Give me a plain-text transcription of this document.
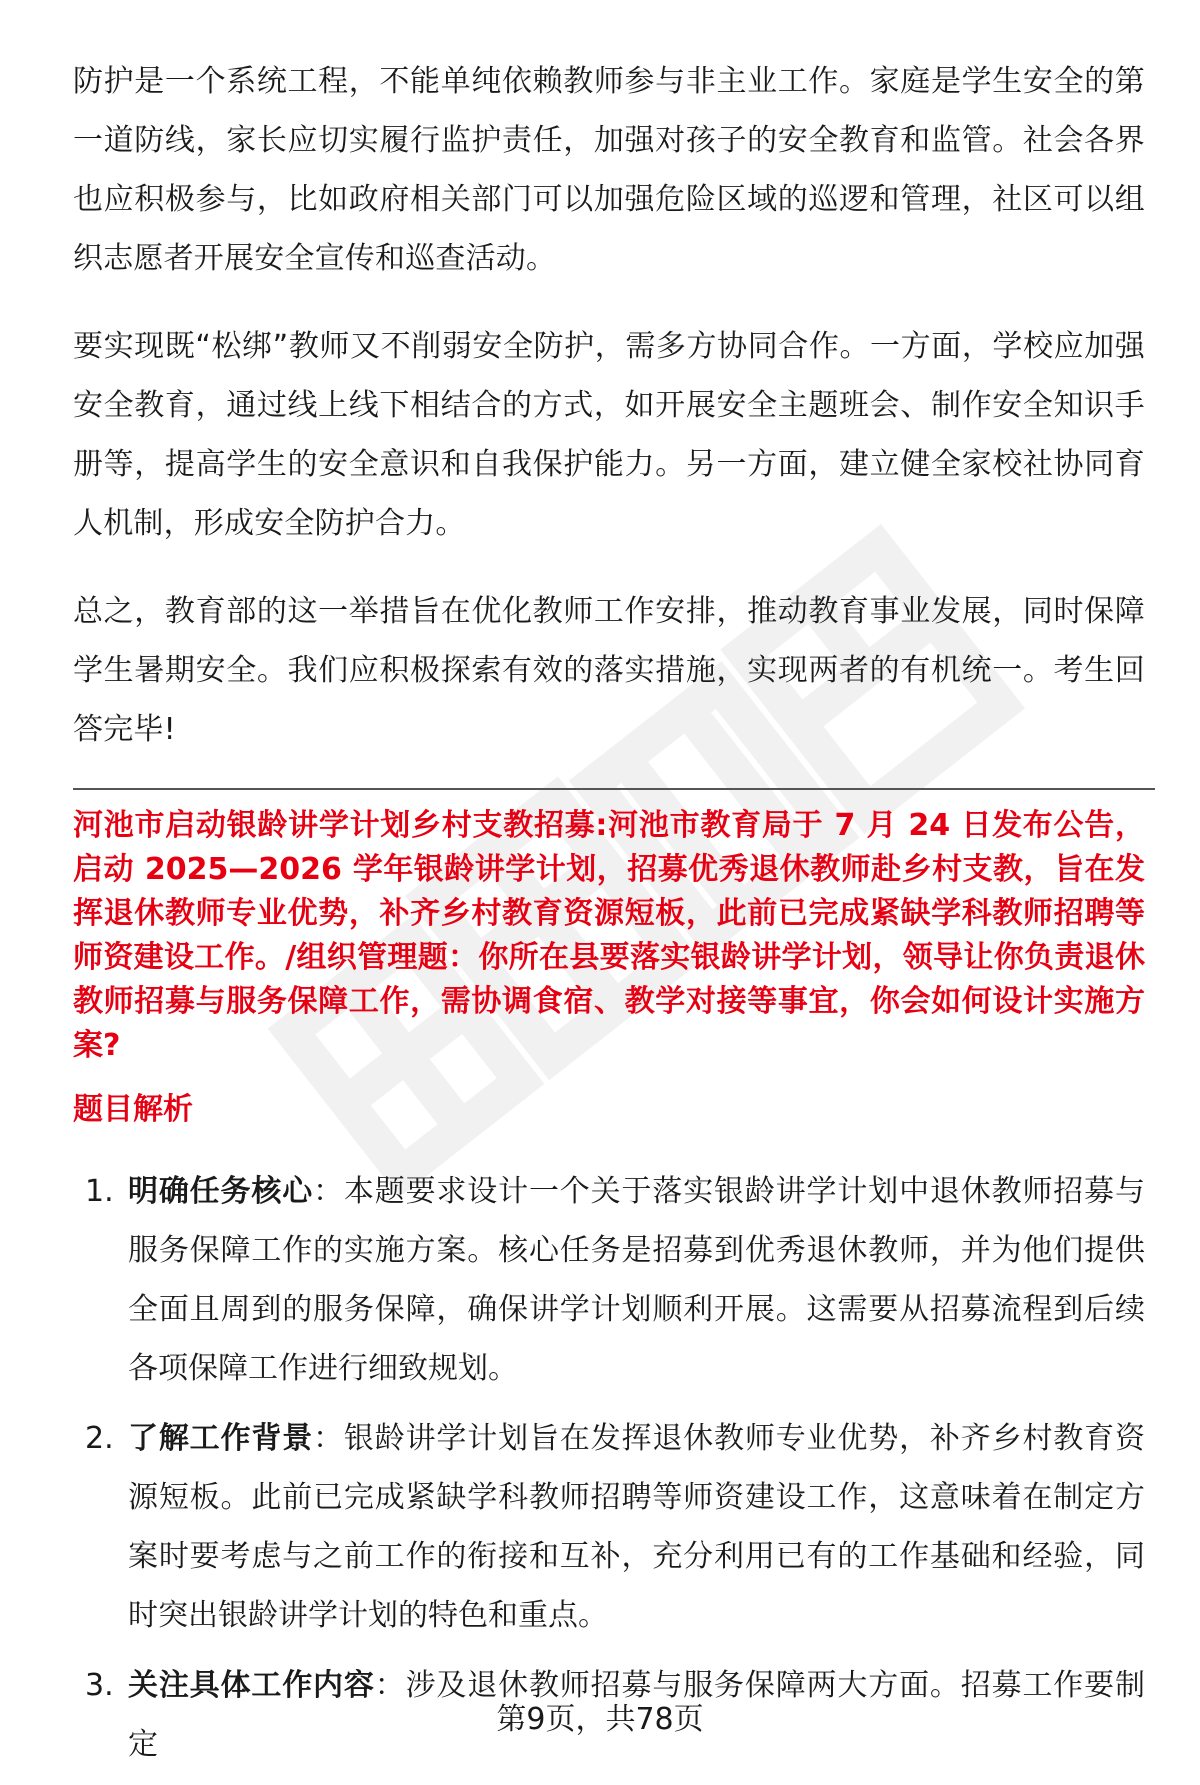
防护是一个系统工程，不能单纯依赖教师参与非主业工作。家庭是学生安全的第一道防线，家长应切实履行监护责任，加强对孩子的安全教育和监管。社会各界也应积极参与，比如政府相关部门可以加强危险区域的巡逻和管理，社区可以组织志愿者开展安全宣传和巡查活动。

要实现既“松绑”教师又不削弱安全防护，需多方协同合作。一方面，学校应加强安全教育，通过线上线下相结合的方式，如开展安全主题班会、制作安全知识手册等，提高学生的安全意识和自我保护能力。另一方面，建立健全家校社协同育人机制，形成安全防护合力。

总之，教育部的这一举措旨在优化教师工作安排，推动教育事业发展，同时保障学生暑期安全。我们应积极探索有效的落实措施，实现两者的有机统一。考生回答完毕!

河池市启动银龄讲学计划乡村支教招募:河池市教育局于 7 月 24 日发布公告，启动 2025—2026 学年银龄讲学计划，招募优秀退休教师赴乡村支教，旨在发挥退休教师专业优势，补齐乡村教育资源短板，此前已完成紧缺学科教师招聘等师资建设工作。/组织管理题：你所在县要落实银龄讲学计划，领导让你负责退休教师招募与服务保障工作，需协调食宿、教学对接等事宜，你会如何设计实施方案?

题目解析
1. 明确任务核心：本题要求设计一个关于落实银龄讲学计划中退休教师招募与服务保障工作的实施方案。核心任务是招募到优秀退休教师，并为他们提供全面且周到的服务保障，确保讲学计划顺利开展。这需要从招募流程到后续各项保障工作进行细致规划。
2. 了解工作背景：银龄讲学计划旨在发挥退休教师专业优势，补齐乡村教育资源短板。此前已完成紧缺学科教师招聘等师资建设工作，这意味着在制定方案时要考虑与之前工作的衔接和互补，充分利用已有的工作基础和经验，同时突出银龄讲学计划的特色和重点。
3. 关注具体工作内容：涉及退休教师招募与服务保障两大方面。招募工作要制定
第9页，共78页
